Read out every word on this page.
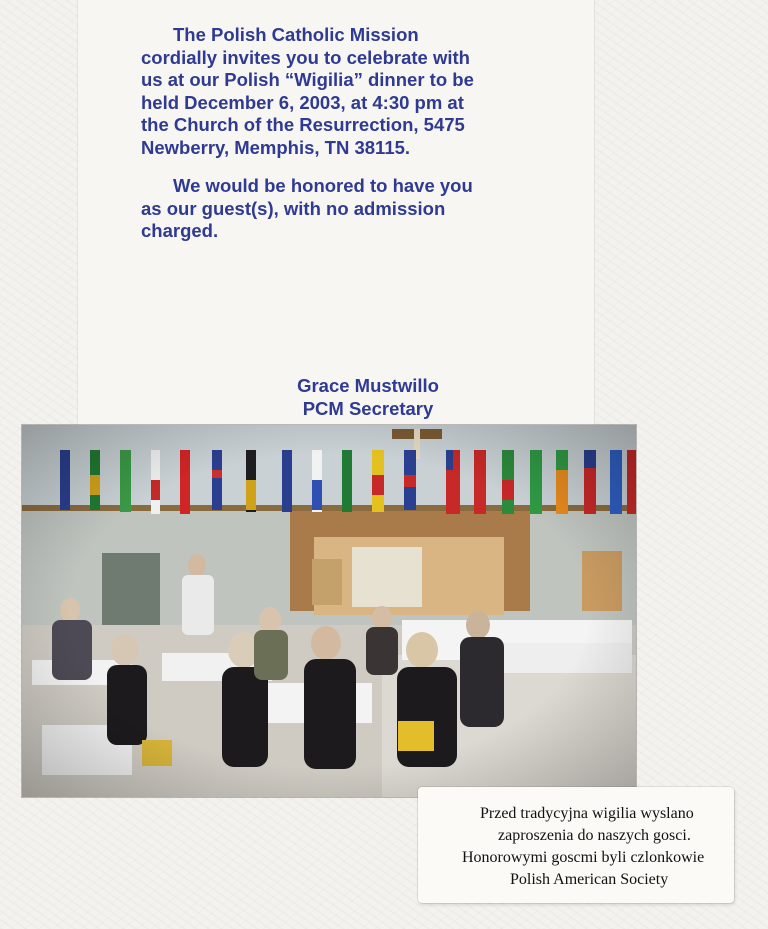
The Polish Catholic Mission
cordially invites you to celebrate with
us at our Polish “Wigilia” dinner to be
held December 6, 2003, at 4:30 pm at
the Church of the Resurrection, 5475
Newberry, Memphis, TN 38115.

We would be honored to have you
as our guest(s), with no admission
charged.

Grace Mustwillo
PCM Secretary
Przed tradycyjna wigilia wyslano
zaproszenia do naszych gosci.
Honorowymi goscmi byli czlonkowie
Polish American Society
